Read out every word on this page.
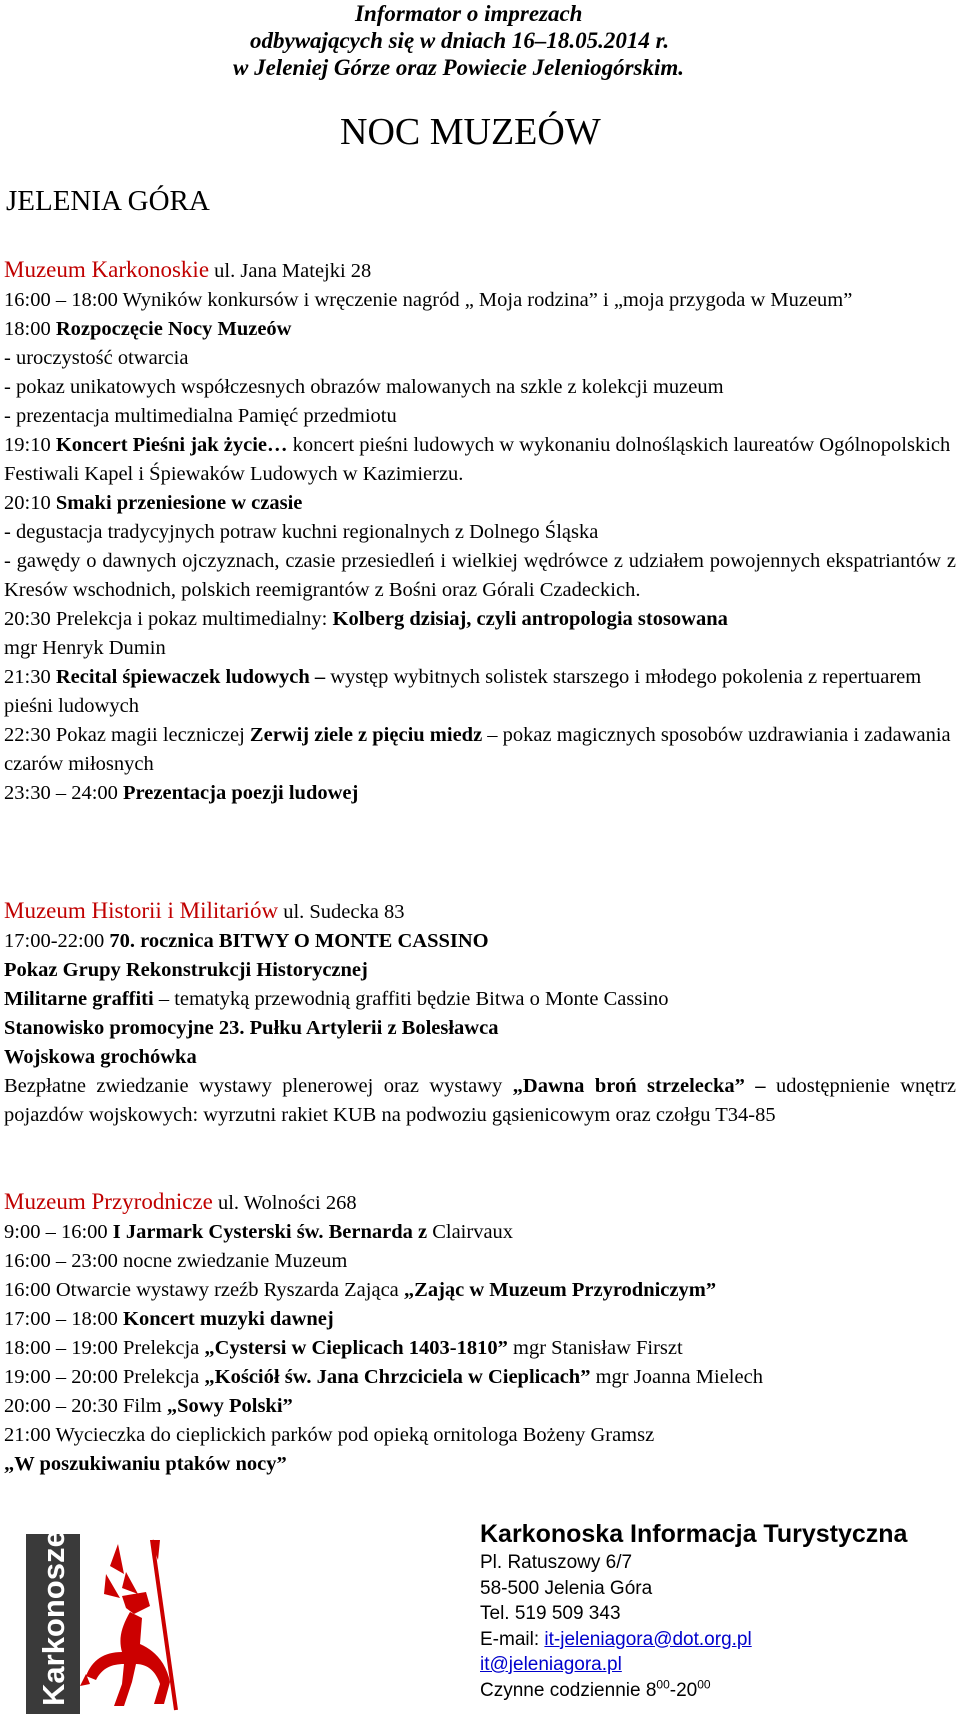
Informator o imprezach
odbywających się w dniach 16–18.05.2014 r.
w Jeleniej Górze oraz Powiecie Jeleniogórskim.
NOC MUZEÓW
JELENIA GÓRA

Muzeum Karkonoskie ul. Jana Matejki 28

16:00 – 18:00 Wyników konkursów i wręczenie nagród „ Moja rodzina” i „moja przygoda w Muzeum”

18:00 Rozpoczęcie Nocy Muzeów

- uroczystość otwarcia

- pokaz unikatowych współczesnych obrazów malowanych na szkle z kolekcji muzeum

- prezentacja multimedialna Pamięć przedmiotu

19:10 Koncert Pieśni jak życie… koncert pieśni ludowych w wykonaniu dolnośląskich laureatów Ogólnopolskich Festiwali Kapel i Śpiewaków Ludowych w Kazimierzu.

20:10 Smaki przeniesione w czasie

- degustacja tradycyjnych potraw kuchni regionalnych z Dolnego Śląska

- gawędy o dawnych ojczyznach, czasie przesiedleń i wielkiej wędrówce z udziałem powojennych ekspatriantów z Kresów wschodnich, polskich reemigrantów z Bośni oraz Górali Czadeckich.

20:30 Prelekcja i pokaz multimedialny: Kolberg dzisiaj, czyli antropologia stosowana

mgr Henryk Dumin

21:30 Recital śpiewaczek ludowych – występ wybitnych solistek starszego i młodego pokolenia z repertuarem pieśni ludowych

22:30 Pokaz magii leczniczej Zerwij ziele z pięciu miedz – pokaz magicznych sposobów uzdrawiania i zadawania czarów miłosnych

23:30 – 24:00 Prezentacja poezji ludowej

Muzeum Historii i Militariów ul. Sudecka 83

17:00-22:00 70. rocznica BITWY O MONTE CASSINO

Pokaz Grupy Rekonstrukcji Historycznej

Militarne graffiti – tematyką przewodnią graffiti będzie Bitwa o Monte Cassino

Stanowisko promocyjne 23. Pułku Artylerii z Bolesławca

Wojskowa grochówka

Bezpłatne zwiedzanie wystawy plenerowej oraz wystawy „Dawna broń strzelecka” – udostępnienie wnętrz pojazdów wojskowych: wyrzutni rakiet KUB na podwoziu gąsienicowym oraz czołgu T34-85

Muzeum Przyrodnicze ul. Wolności 268

9:00 – 16:00 I Jarmark Cysterski św. Bernarda z Clairvaux

16:00 – 23:00 nocne zwiedzanie Muzeum

16:00 Otwarcie wystawy rzeźb Ryszarda Zająca „Zając w Muzeum Przyrodniczym”

17:00 – 18:00 Koncert muzyki dawnej

18:00 – 19:00 Prelekcja „Cystersi w Cieplicach 1403-1810” mgr Stanisław Firszt

19:00 – 20:00 Prelekcja „Kościół św. Jana Chrzciciela w Cieplicach” mgr Joanna Mielech

20:00 – 20:30 Film „Sowy Polski”

21:00 Wycieczka do cieplickich parków pod opieką ornitologa Bożeny Gramsz

„W poszukiwaniu ptaków nocy”

Karkonosze	Karkonoska Informacja Turystyczna
Pl. Ratuszowy 6/7
58-500 Jelenia Góra
Tel. 519 509 343
E-mail: it-jeleniagora@dot.org.pl
it@jeleniagora.pl
Czynne codziennie $8^{00}-20^{00}$
